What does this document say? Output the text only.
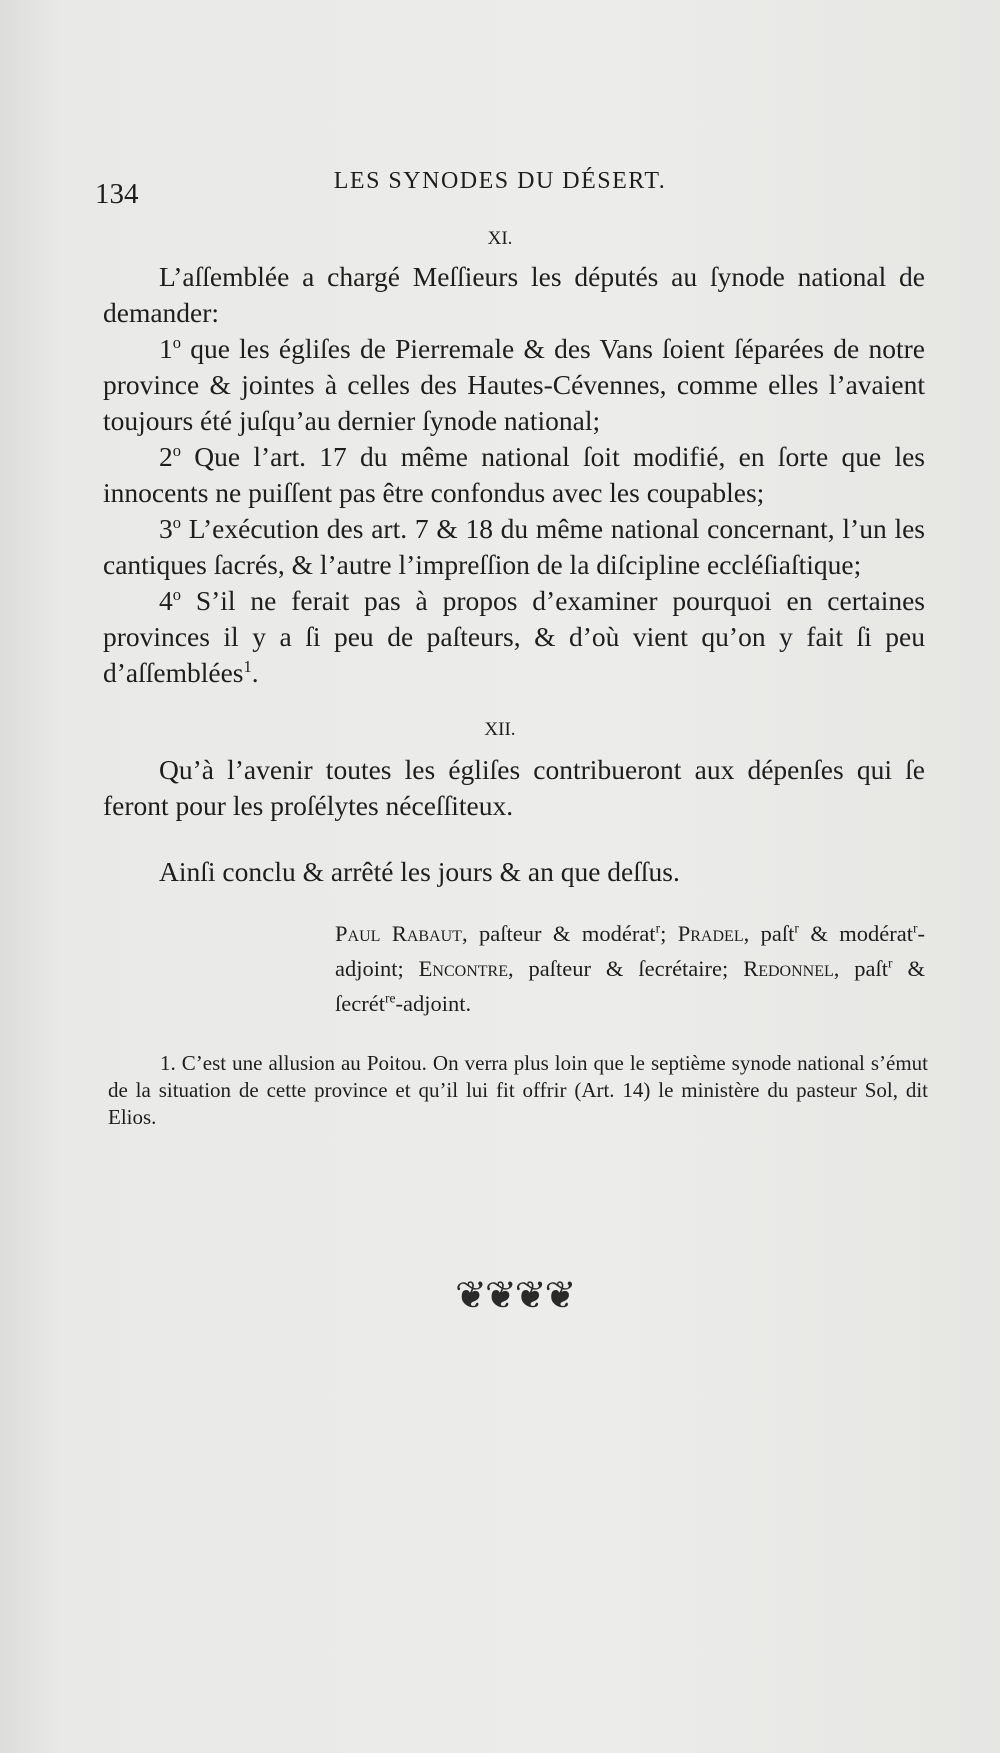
134	LES SYNODES DU DÉSERT.
XI.

L’aſſemblée a chargé Meſſieurs les députés au ſynode national de demander:

1$^o$ que les égliſes de Pierremale & des Vans ſoient ſéparées de notre province & jointes à celles des Hautes-Cévennes, comme elles l’avaient toujours été juſqu’au dernier ſynode national;

2$^o$ Que l’art. 17 du même national ſoit modifié, en ſorte que les innocents ne puiſſent pas être confondus avec les coupables;

3$^o$ L’exécution des art. 7 & 18 du même national concernant, l’un les cantiques ſacrés, & l’autre l’impreſſion de la diſcipline eccléſiaſtique;

4$^o$ S’il ne ferait pas à propos d’examiner pourquoi en certaines provinces il y a ſi peu de paſteurs, & d’où vient qu’on y fait ſi peu d’aſſemblées$^1$.

XII.

Qu’à l’avenir toutes les égliſes contribueront aux dépenſes qui ſe feront pour les proſélytes néceſſiteux.

Ainſi conclu & arrêté les jours & an que deſſus.

Paul Rabaut, paſteur & modérat$^r$; Pradel, paſt$^r$ & modérat$^r$-adjoint; Encontre, paſteur & ſecrétaire; Redonnel, paſt$^r$ & ſecrét$^{re}$-adjoint.
1. C’est une allusion au Poitou. On verra plus loin que le septième synode national s’émut de la situation de cette province et qu’il lui fit offrir (Art. 14) le ministère du pasteur Sol, dit Elios.
❦❦❦❦
